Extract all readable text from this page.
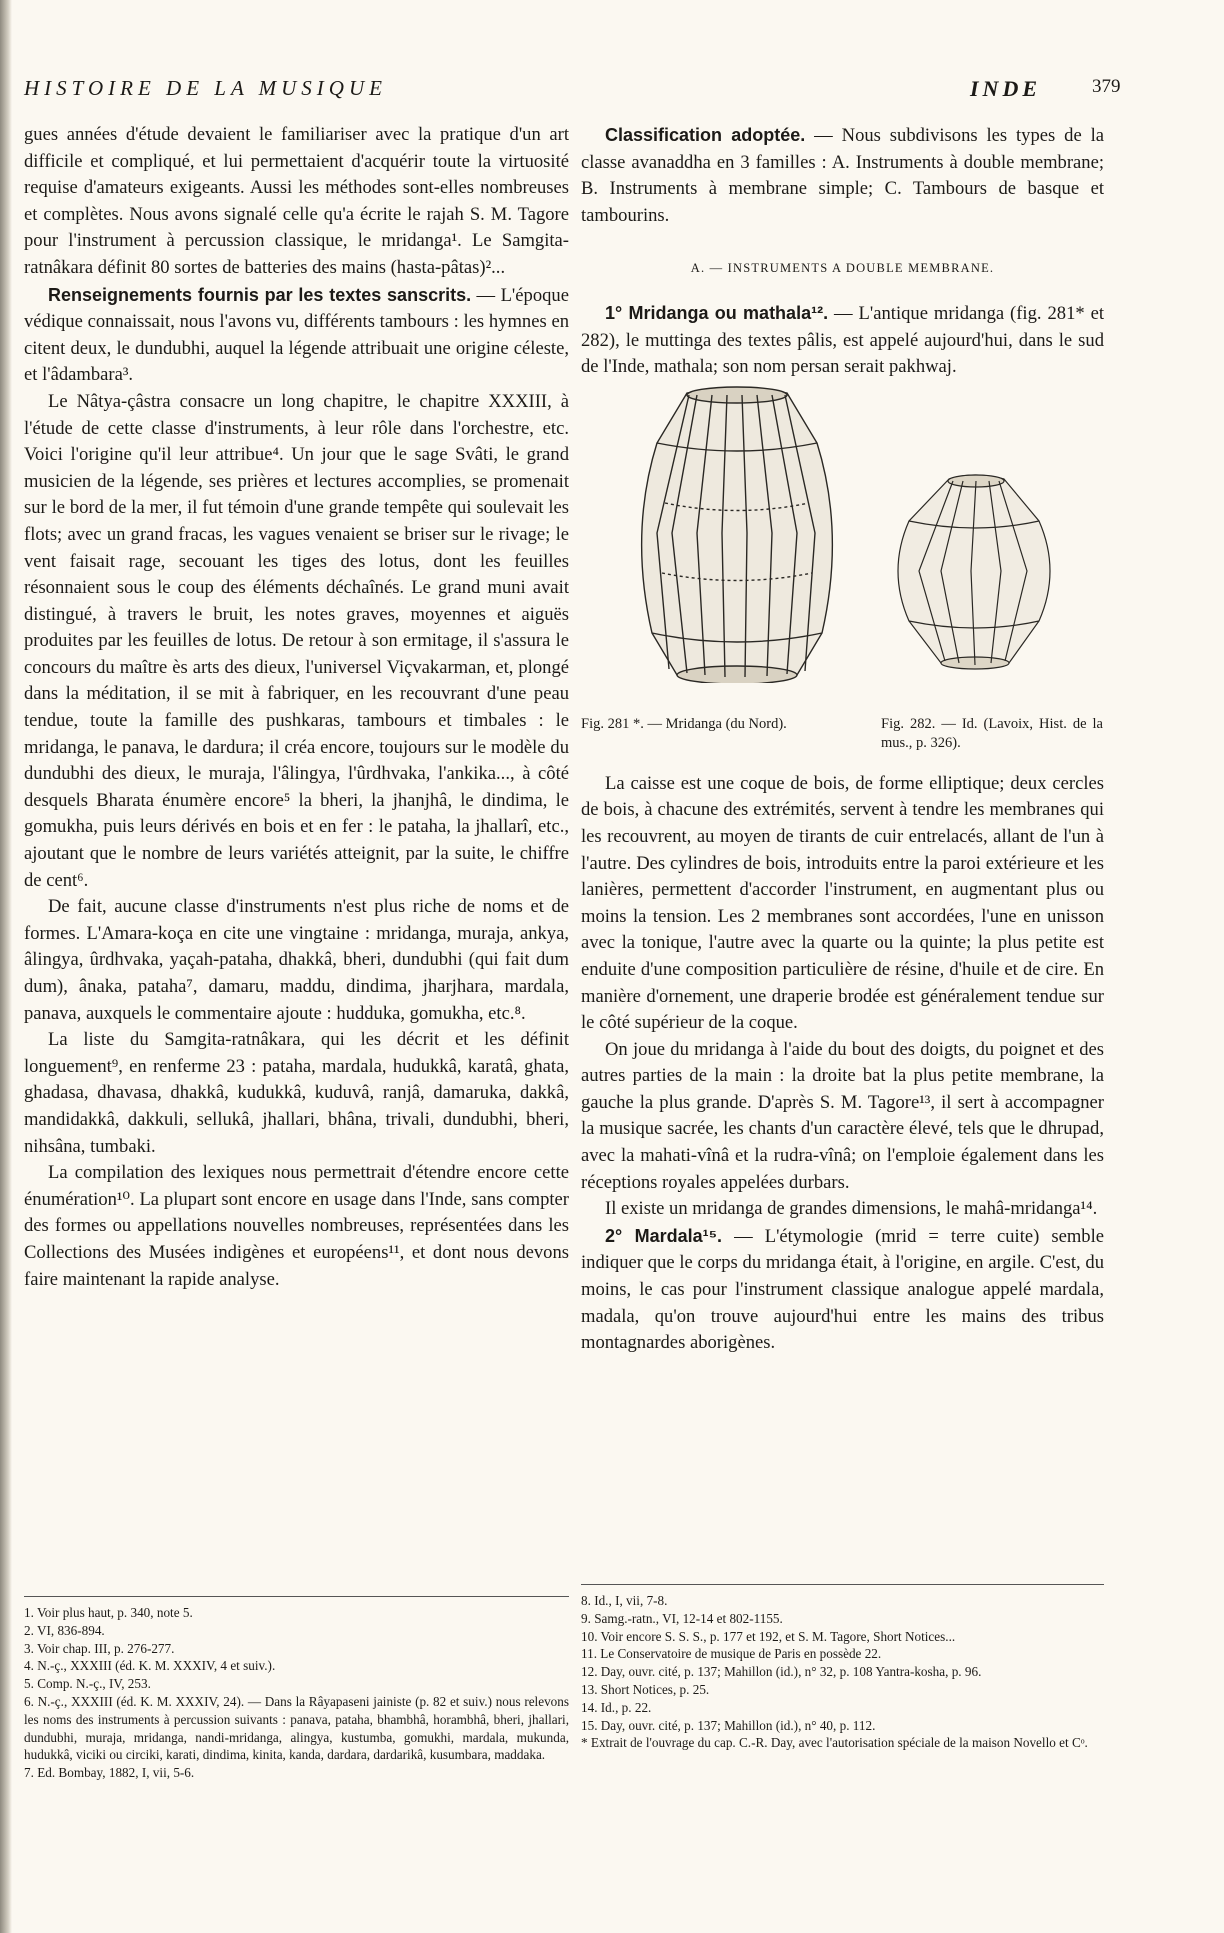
HISTOIRE DE LA MUSIQUE	INDE	379

gues années d'étude devaient le familiariser avec la pratique d'un art difficile et compliqué, et lui permettaient d'acquérir toute la virtuosité requise d'amateurs exigeants. Aussi les méthodes sont-elles nombreuses et complètes. Nous avons signalé celle qu'a écrite le rajah S. M. Tagore pour l'instrument à percussion classique, le mridanga¹. Le Samgita-ratnâkara définit 80 sortes de batteries des mains (hasta-pâtas)²...

Renseignements fournis par les textes sanscrits. — L'époque védique connaissait, nous l'avons vu, différents tambours : les hymnes en citent deux, le dundubhi, auquel la légende attribuait une origine céleste, et l'âdambara³.

Le Nâtya-çâstra consacre un long chapitre, le chapitre XXXIII, à l'étude de cette classe d'instruments, à leur rôle dans l'orchestre, etc. Voici l'origine qu'il leur attribue⁴. Un jour que le sage Svâti, le grand musicien de la légende, ses prières et lectures accomplies, se promenait sur le bord de la mer, il fut témoin d'une grande tempête qui soulevait les flots; avec un grand fracas, les vagues venaient se briser sur le rivage; le vent faisait rage, secouant les tiges des lotus, dont les feuilles résonnaient sous le coup des éléments déchaînés. Le grand muni avait distingué, à travers le bruit, les notes graves, moyennes et aiguës produites par les feuilles de lotus. De retour à son ermitage, il s'assura le concours du maître ès arts des dieux, l'universel Viçvakarman, et, plongé dans la méditation, il se mit à fabriquer, en les recouvrant d'une peau tendue, toute la famille des pushkaras, tambours et timbales : le mridanga, le panava, le dardura; il créa encore, toujours sur le modèle du dundubhi des dieux, le muraja, l'âlingya, l'ûrdhvaka, l'ankika..., à côté desquels Bharata énumère encore⁵ la bheri, la jhanjhâ, le dindima, le gomukha, puis leurs dérivés en bois et en fer : le pataha, la jhallarî, etc., ajoutant que le nombre de leurs variétés atteignit, par la suite, le chiffre de cent⁶.

De fait, aucune classe d'instruments n'est plus riche de noms et de formes. L'Amara-koça en cite une vingtaine : mridanga, muraja, ankya, âlingya, ûrdhvaka, yaçah-pataha, dhakkâ, bheri, dundubhi (qui fait dum dum), ânaka, pataha⁷, damaru, maddu, dindima, jharjhara, mardala, panava, auxquels le commentaire ajoute : hudduka, gomukha, etc.⁸.

La liste du Samgita-ratnâkara, qui les décrit et les définit longuement⁹, en renferme 23 : pataha, mardala, hudukkâ, karatâ, ghata, ghadasa, dhavasa, dhakkâ, kudukkâ, kuduvâ, ranjâ, damaruka, dakkâ, mandidakkâ, dakkuli, sellukâ, jhallari, bhâna, trivali, dundubhi, bheri, nihsâna, tumbaki.

La compilation des lexiques nous permettrait d'étendre encore cette énumération¹⁰. La plupart sont encore en usage dans l'Inde, sans compter des formes ou appellations nouvelles nombreuses, représentées dans les Collections des Musées indigènes et européens¹¹, et dont nous devons faire maintenant la rapide analyse.

Classification adoptée. — Nous subdivisons les types de la classe avanaddha en 3 familles : A. Instruments à double membrane; B. Instruments à membrane simple; C. Tambours de basque et tambourins.

A. — INSTRUMENTS A DOUBLE MEMBRANE.

1° Mridanga ou mathala¹². — L'antique mridanga (fig. 281* et 282), le muttinga des textes pâlis, est appelé aujourd'hui, dans le sud de l'Inde, mathala; son nom persan serait pakhwaj.

Fig. 281 *. — Mridanga (du Nord).	Fig. 282. — Id. (Lavoix, Hist. de la mus., p. 326).

La caisse est une coque de bois, de forme elliptique; deux cercles de bois, à chacune des extrémités, servent à tendre les membranes qui les recouvrent, au moyen de tirants de cuir entrelacés, allant de l'un à l'autre. Des cylindres de bois, introduits entre la paroi extérieure et les lanières, permettent d'accorder l'instrument, en augmentant plus ou moins la tension. Les 2 membranes sont accordées, l'une en unisson avec la tonique, l'autre avec la quarte ou la quinte; la plus petite est enduite d'une composition particulière de résine, d'huile et de cire. En manière d'ornement, une draperie brodée est généralement tendue sur le côté supérieur de la coque.

On joue du mridanga à l'aide du bout des doigts, du poignet et des autres parties de la main : la droite bat la plus petite membrane, la gauche la plus grande. D'après S. M. Tagore¹³, il sert à accompagner la musique sacrée, les chants d'un caractère élevé, tels que le dhrupad, avec la mahati-vînâ et la rudra-vînâ; on l'emploie également dans les réceptions royales appelées durbars.

Il existe un mridanga de grandes dimensions, le mahâ-mridanga¹⁴.

2° Mardala¹⁵. — L'étymologie (mrid = terre cuite) semble indiquer que le corps du mridanga était, à l'origine, en argile. C'est, du moins, le cas pour l'instrument classique analogue appelé mardala, madala, qu'on trouve aujourd'hui entre les mains des tribus montagnardes aborigènes.

1. Voir plus haut, p. 340, note 5.
2. VI, 836-894.
3. Voir chap. III, p. 276-277.
4. N.-ç., XXXIII (éd. K. M. XXXIV, 4 et suiv.).
5. Comp. N.-ç., IV, 253.
6. N.-ç., XXXIII (éd. K. M. XXXIV, 24). — Dans la Râyapaseni jainiste (p. 82 et suiv.) nous relevons les noms des instruments à percussion suivants : panava, pataha, bhambhâ, horambhâ, bheri, jhallari, dundubhi, muraja, mridanga, nandi-mridanga, alingya, kustumba, gomukhi, mardala, mukunda, hudukkâ, viciki ou circiki, karati, dindima, kinita, kanda, dardara, dardarikâ, kusumbara, maddaka.
7. Ed. Bombay, 1882, I, vii, 5-6.
8. Id., I, vii, 7-8.
9. Samg.-ratn., VI, 12-14 et 802-1155.
10. Voir encore S. S. S., p. 177 et 192, et S. M. Tagore, Short Notices...
11. Le Conservatoire de musique de Paris en possède 22.
12. Day, ouvr. cité, p. 137; Mahillon (id.), n° 32, p. 108 Yantra-kosha, p. 96.
13. Short Notices, p. 25.
14. Id., p. 22.
15. Day, ouvr. cité, p. 137; Mahillon (id.), n° 40, p. 112.
* Extrait de l'ouvrage du cap. C.-R. Day, avec l'autorisation spéciale de la maison Novello et Cᵒ.
